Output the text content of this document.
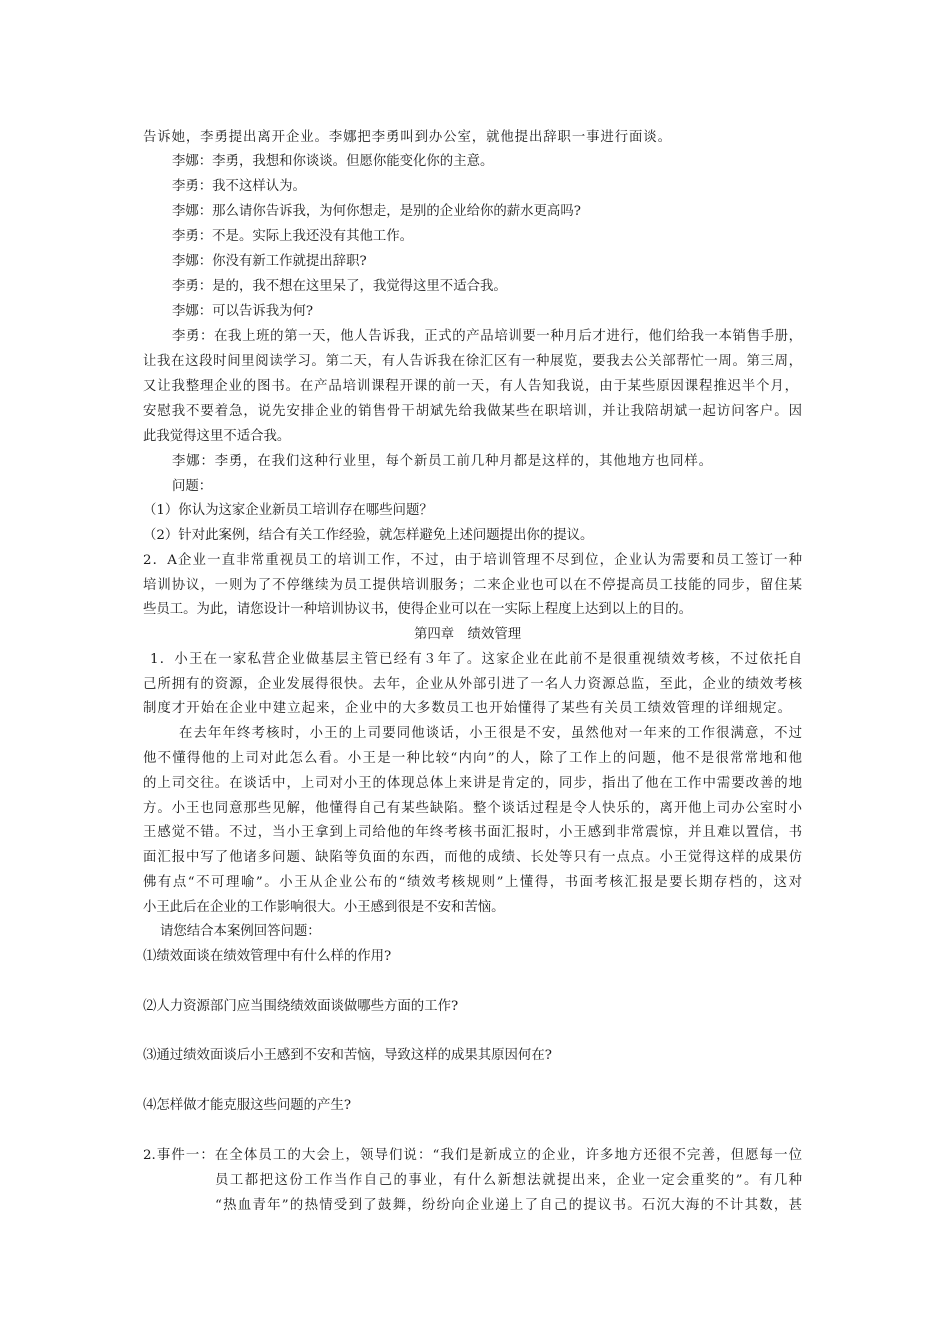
告诉她，李勇提出离开企业。李娜把李勇叫到办公室，就他提出辞职一事进行面谈。
李娜：李勇，我想和你谈谈。但愿你能变化你的主意。
李勇：我不这样认为。
李娜：那么请你告诉我，为何你想走，是别的企业给你的薪水更高吗?
李勇：不是。实际上我还没有其他工作。
李娜：你没有新工作就提出辞职?
李勇：是的，我不想在这里呆了，我觉得这里不适合我。
李娜：可以告诉我为何?
李勇：在我上班的第一天，他人告诉我，正式的产品培训要一种月后才进行，他们给我一本销售手册，
让我在这段时间里阅读学习。第二天，有人告诉我在徐汇区有一种展览，要我去公关部帮忙一周。第三周，
又让我整理企业的图书。在产品培训课程开课的前一天，有人告知我说，由于某些原因课程推迟半个月，
安慰我不要着急，说先安排企业的销售骨干胡斌先给我做某些在职培训，并让我陪胡斌一起访问客户。因
此我觉得这里不适合我。
李娜：李勇，在我们这种行业里，每个新员工前几种月都是这样的，其他地方也同样。
问题：
（1）你认为这家企业新员工培训存在哪些问题？
（2）针对此案例，结合有关工作经验，就怎样避免上述问题提出你的提议。
2．A企业一直非常重视员工的培训工作，不过，由于培训管理不尽到位，企业认为需要和员工签订一种
培训协议，一则为了不停继续为员工提供培训服务；二来企业也可以在不停提高员工技能的同步，留住某
些员工。为此，请您设计一种培训协议书，使得企业可以在一实际上程度上达到以上的目的。
第四章　绩效管理
1．小王在一家私营企业做基层主管已经有３年了。这家企业在此前不是很重视绩效考核，不过依托自
己所拥有的资源，企业发展得很快。去年，企业从外部引进了一名人力资源总监，至此，企业的绩效考核
制度才开始在企业中建立起来，企业中的大多数员工也开始懂得了某些有关员工绩效管理的详细规定。
在去年年终考核时，小王的上司要同他谈话，小王很是不安，虽然他对一年来的工作很满意，不过
他不懂得他的上司对此怎么看。小王是一种比较“内向”的人，除了工作上的问题，他不是很常常地和他
的上司交往。在谈话中，上司对小王的体现总体上来讲是肯定的，同步，指出了他在工作中需要改善的地
方。小王也同意那些见解，他懂得自己有某些缺陷。整个谈话过程是令人快乐的，离开他上司办公室时小
王感觉不错。不过，当小王拿到上司给他的年终考核书面汇报时，小王感到非常震惊，并且难以置信，书
面汇报中写了他诸多问题、缺陷等负面的东西，而他的成绩、长处等只有一点点。小王觉得这样的成果仿
佛有点“不可理喻”。小王从企业公布的“绩效考核规则”上懂得，书面考核汇报是要长期存档的，这对
小王此后在企业的工作影响很大。小王感到很是不安和苦恼。
请您结合本案例回答问题：
⑴绩效面谈在绩效管理中有什么样的作用?
⑵人力资源部门应当围绕绩效面谈做哪些方面的工作?
⑶通过绩效面谈后小王感到不安和苦恼，导致这样的成果其原因何在?
⑷怎样做才能克服这些问题的产生?
2.事件一：在全体员工的大会上，领导们说：“我们是新成立的企业，许多地方还很不完善，但愿每一位
员工都把这份工作当作自己的事业，有什么新想法就提出来，企业一定会重奖的”。有几种
“热血青年”的热情受到了鼓舞，纷纷向企业递上了自己的提议书。石沉大海的不计其数，甚
